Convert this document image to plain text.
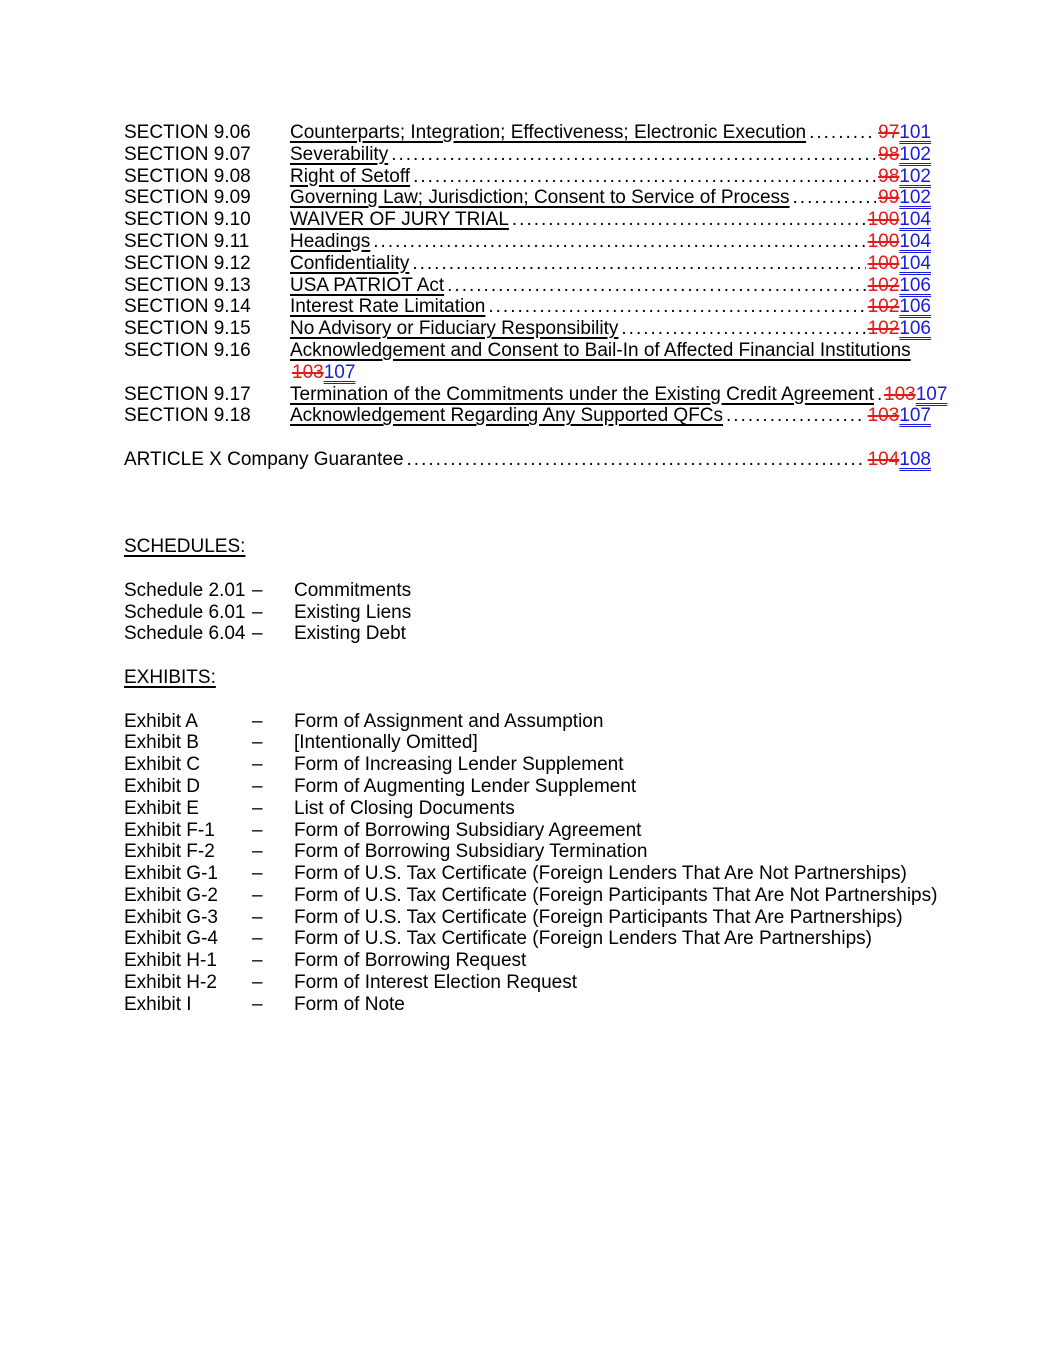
SECTION 9.06	Counterparts; Integration; Effectiveness; Electronic Execution .....	97101
SECTION 9.07	Severability .....	98102
SECTION 9.08	Right of Setoff .....	98102
SECTION 9.09	Governing Law; Jurisdiction; Consent to Service of Process .....	99102
SECTION 9.10	WAIVER OF JURY TRIAL .....	100104
SECTION 9.11	Headings .....	100104
SECTION 9.12	Confidentiality .....	100104
SECTION 9.13	USA PATRIOT Act .....	102106
SECTION 9.14	Interest Rate Limitation .....	102106
SECTION 9.15	No Advisory or Fiduciary Responsibility .....	102106
SECTION 9.16	Acknowledgement and Consent to Bail-In of Affected Financial Institutions
103107
SECTION 9.17	Termination of the Commitments under the Existing Credit Agreement ..... 103107
SECTION 9.18	Acknowledgement Regarding Any Supported QFCs .....	103107
ARTICLE X Company Guarantee .....	104108
SCHEDULES:
Schedule 2.01 –	Commitments
Schedule 6.01 –	Existing Liens
Schedule 6.04 –	Existing Debt
EXHIBITS:
Exhibit A	–	Form of Assignment and Assumption
Exhibit B	–	[Intentionally Omitted]
Exhibit C	–	Form of Increasing Lender Supplement
Exhibit D	–	Form of Augmenting Lender Supplement
Exhibit E	–	List of Closing Documents
Exhibit F-1	–	Form of Borrowing Subsidiary Agreement
Exhibit F-2	–	Form of Borrowing Subsidiary Termination
Exhibit G-1	–	Form of U.S. Tax Certificate (Foreign Lenders That Are Not Partnerships)
Exhibit G-2	–	Form of U.S. Tax Certificate (Foreign Participants That Are Not Partnerships)
Exhibit G-3	–	Form of U.S. Tax Certificate (Foreign Participants That Are Partnerships)
Exhibit G-4	–	Form of U.S. Tax Certificate (Foreign Lenders That Are Partnerships)
Exhibit H-1	–	Form of Borrowing Request
Exhibit H-2	–	Form of Interest Election Request
Exhibit I	–	Form of Note
